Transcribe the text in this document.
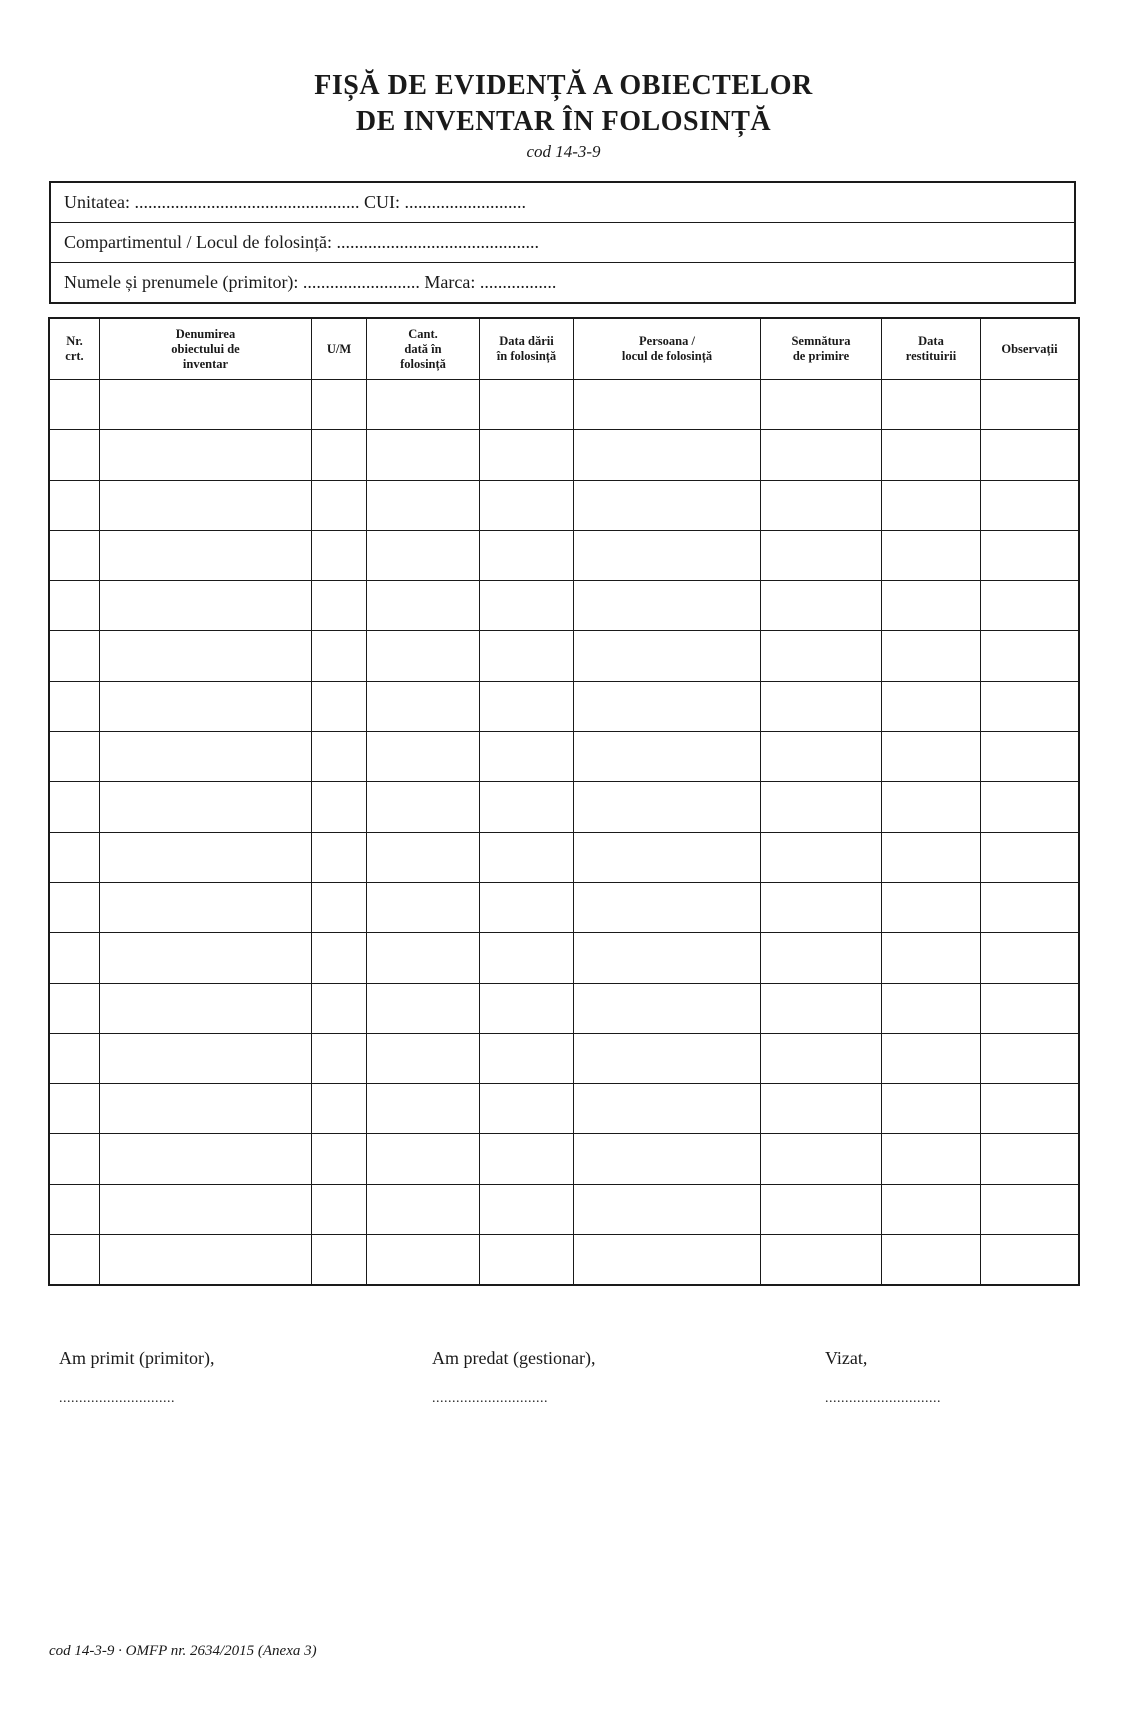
FIȘĂ DE EVIDENȚĂ A OBIECTELOR
DE INVENTAR ÎN FOLOSINȚĂ
cod 14-3-9
Unitatea: .................................................. CUI: ...........................
Compartimentul / Locul de folosință: .............................................
Numele și prenumele (primitor): .......................... Marca: .................
Nr.
crt.	Denumirea
obiectului de
inventar	U/M	Cant.
dată în
folosință	Data dării
în folosință	Persoana /
locul de folosință	Semnătura
de primire	Data
restituirii	Observații

Am primit (primitor),
.............................
Am predat (gestionar),
.............................
Vizat,
.............................
cod 14-3-9 · OMFP nr. 2634/2015 (Anexa 3)
